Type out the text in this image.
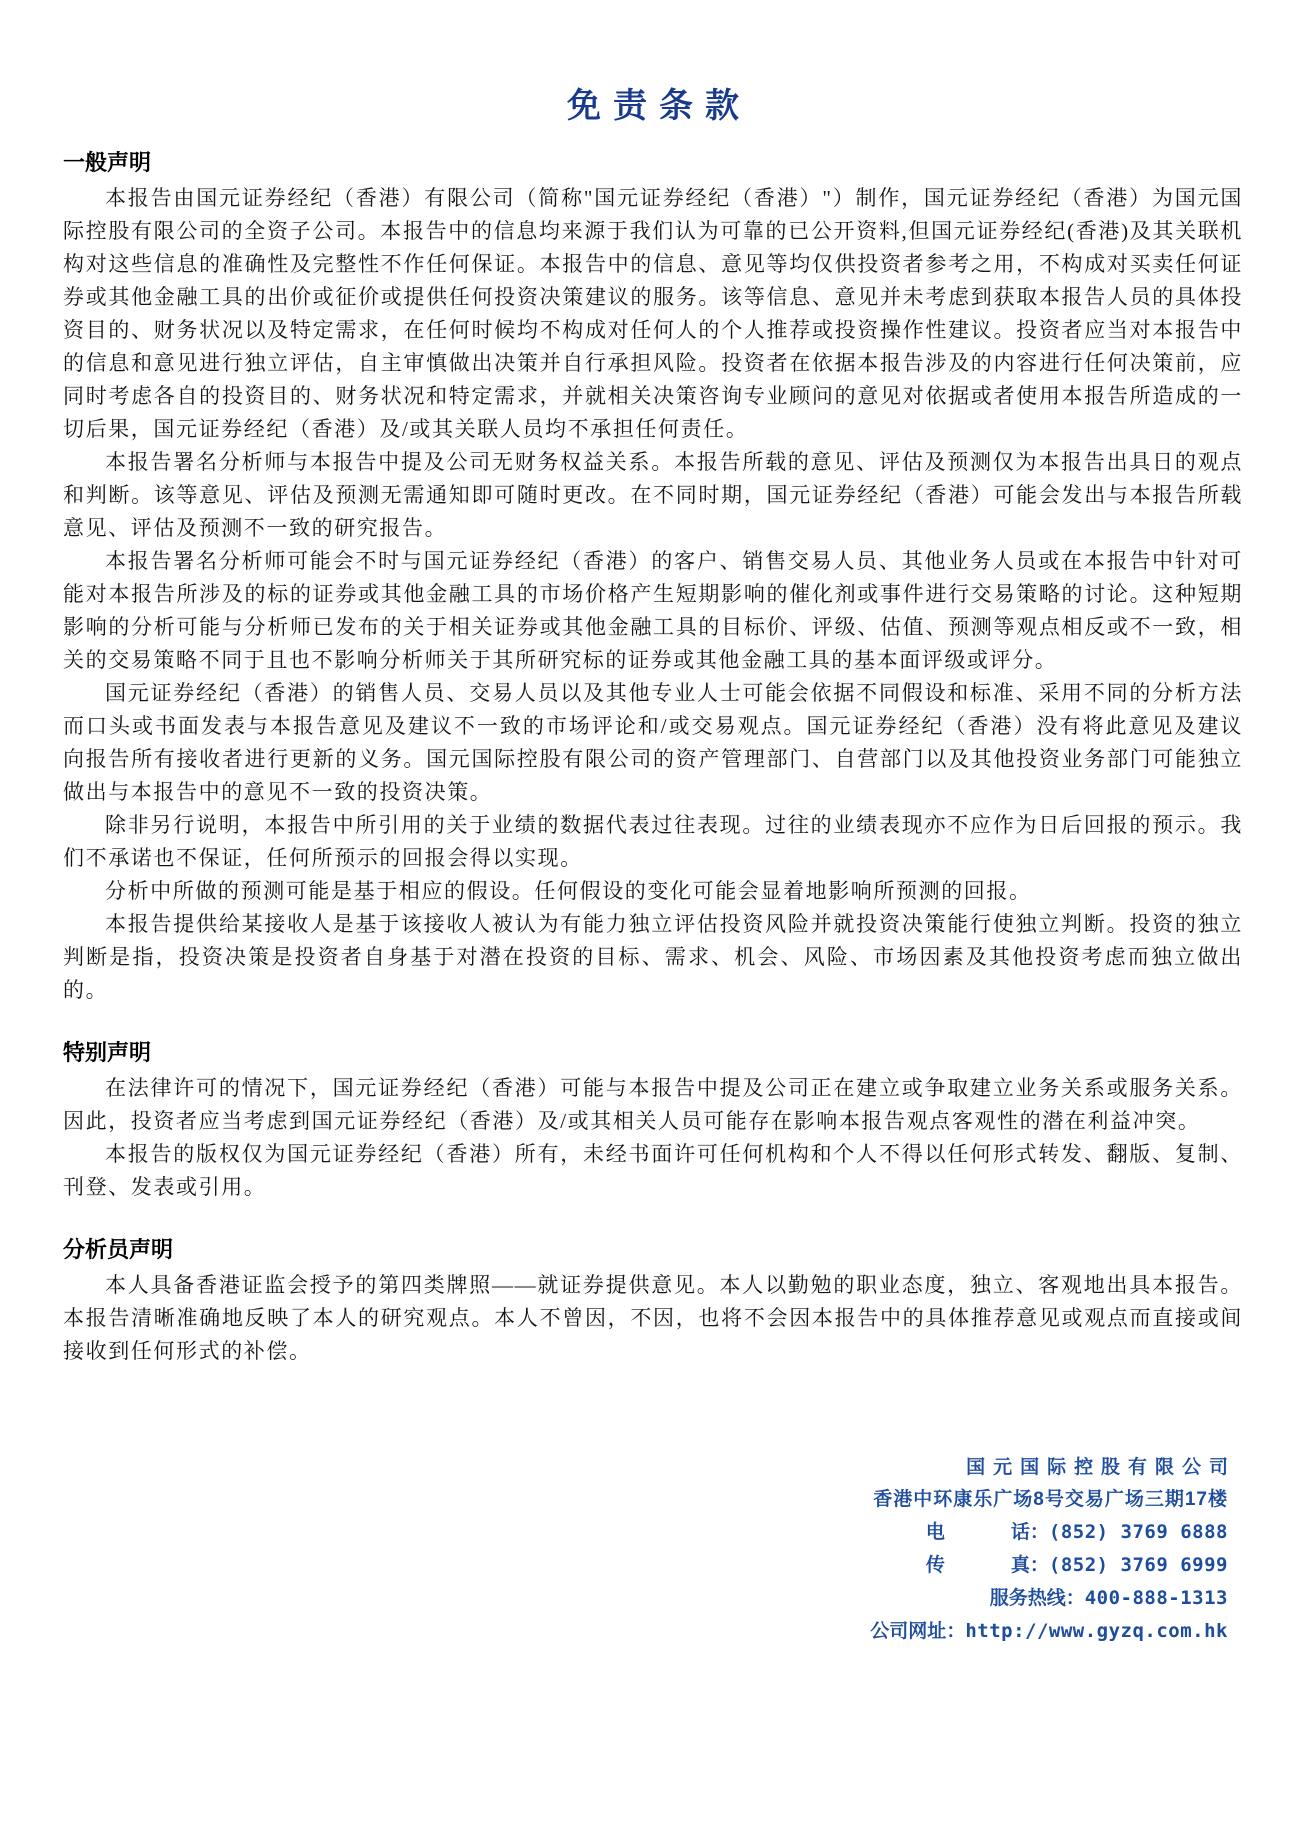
免责条款
一般声明

本报告由国元证券经纪（香港）有限公司（简称"国元证券经纪（香港）"）制作，国元证券经纪（香港）为国元国际控股有限公司的全资子公司。本报告中的信息均来源于我们认为可靠的已公开资料,但国元证券经纪(香港)及其关联机构对这些信息的准确性及完整性不作任何保证。本报告中的信息、意见等均仅供投资者参考之用，不构成对买卖任何证券或其他金融工具的出价或征价或提供任何投资决策建议的服务。该等信息、意见并未考虑到获取本报告人员的具体投资目的、财务状况以及特定需求，在任何时候均不构成对任何人的个人推荐或投资操作性建议。投资者应当对本报告中的信息和意见进行独立评估，自主审慎做出决策并自行承担风险。投资者在依据本报告涉及的内容进行任何决策前，应同时考虑各自的投资目的、财务状况和特定需求，并就相关决策咨询专业顾问的意见对依据或者使用本报告所造成的一切后果，国元证券经纪（香港）及/或其关联人员均不承担任何责任。

本报告署名分析师与本报告中提及公司无财务权益关系。本报告所载的意见、评估及预测仅为本报告出具日的观点和判断。该等意见、评估及预测无需通知即可随时更改。在不同时期，国元证券经纪（香港）可能会发出与本报告所载意见、评估及预测不一致的研究报告。

本报告署名分析师可能会不时与国元证券经纪（香港）的客户、销售交易人员、其他业务人员或在本报告中针对可能对本报告所涉及的标的证券或其他金融工具的市场价格产生短期影响的催化剂或事件进行交易策略的讨论。这种短期影响的分析可能与分析师已发布的关于相关证券或其他金融工具的目标价、评级、估值、预测等观点相反或不一致，相关的交易策略不同于且也不影响分析师关于其所研究标的证券或其他金融工具的基本面评级或评分。

国元证券经纪（香港）的销售人员、交易人员以及其他专业人士可能会依据不同假设和标准、采用不同的分析方法而口头或书面发表与本报告意见及建议不一致的市场评论和/或交易观点。国元证券经纪（香港）没有将此意见及建议向报告所有接收者进行更新的义务。国元国际控股有限公司的资产管理部门、自营部门以及其他投资业务部门可能独立做出与本报告中的意见不一致的投资决策。

除非另行说明，本报告中所引用的关于业绩的数据代表过往表现。过往的业绩表现亦不应作为日后回报的预示。我们不承诺也不保证，任何所预示的回报会得以实现。

分析中所做的预测可能是基于相应的假设。任何假设的变化可能会显着地影响所预测的回报。

本报告提供给某接收人是基于该接收人被认为有能力独立评估投资风险并就投资决策能行使独立判断。投资的独立判断是指，投资决策是投资者自身基于对潜在投资的目标、需求、机会、风险、市场因素及其他投资考虑而独立做出的。

特别声明

在法律许可的情况下，国元证券经纪（香港）可能与本报告中提及公司正在建立或争取建立业务关系或服务关系。因此，投资者应当考虑到国元证券经纪（香港）及/或其相关人员可能存在影响本报告观点客观性的潜在利益冲突。

本报告的版权仅为国元证券经纪（香港）所有，未经书面许可任何机构和个人不得以任何形式转发、翻版、复制、刊登、发表或引用。

分析员声明

本人具备香港证监会授予的第四类牌照——就证券提供意见。本人以勤勉的职业态度，独立、客观地出具本报告。本报告清晰准确地反映了本人的研究观点。本人不曾因，不因，也将不会因本报告中的具体推荐意见或观点而直接或间接收到任何形式的补偿。

国元国际控股有限公司
香港中环康乐广场8号交易广场三期17楼
电话：(852) 3769 6888
传真：(852) 3769 6999
服务热线：400-888-1313
公司网址：http://www.gyzq.com.hk
